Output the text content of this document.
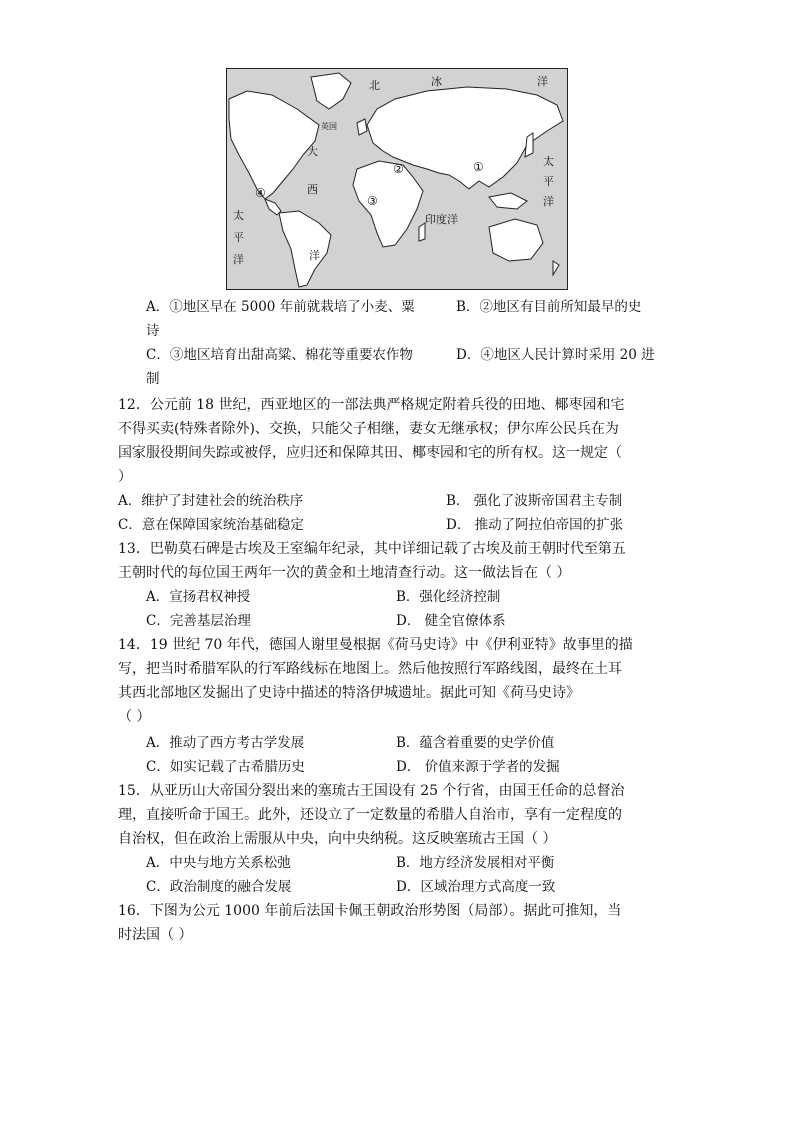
北	冰	洋
英国
大
西
洋
太
平
洋
太
平
洋
印度洋
①
②
③
④
A．①地区早在 5000 年前就栽培了小麦、粟	B．②地区有目前所知最早的史
诗
C．③地区培育出甜高粱、棉花等重要农作物	D．④地区人民计算时采用 20 进
制
12．公元前 18 世纪，西亚地区的一部法典严格规定附着兵役的田地、椰枣园和宅
不得买卖(特殊者除外)、交换，只能父子相继，妻女无继承权；伊尔库公民兵在为
国家服役期间失踪或被俘，应归还和保障其田、椰枣园和宅的所有权。这一规定（
）
A．维护了封建社会的统治秩序	B． 强化了波斯帝国君主专制
C．意在保障国家统治基础稳定	D． 推动了阿拉伯帝国的扩张
13．巴勒莫石碑是古埃及王室编年纪录，其中详细记载了古埃及前王朝时代至第五
王朝时代的每位国王两年一次的黄金和土地清查行动。这一做法旨在（ ）
A．宣扬君权神授	B．强化经济控制
C．完善基层治理	D． 健全官僚体系
14．19 世纪 70 年代，德国人谢里曼根据《荷马史诗》中《伊利亚特》故事里的描
写，把当时希腊军队的行军路线标在地图上。然后他按照行军路线图，最终在土耳
其西北部地区发掘出了史诗中描述的特洛伊城遗址。据此可知《荷马史诗》
（ ）
A．推动了西方考古学发展	B．蕴含着重要的史学价值
C．如实记载了古希腊历史	D． 价值来源于学者的发掘
15．从亚历山大帝国分裂出来的塞琉古王国设有 25 个行省，由国王任命的总督治
理，直接听命于国王。此外，还设立了一定数量的希腊人自治市，享有一定程度的
自治权，但在政治上需服从中央，向中央纳税。这反映塞琉古王国（ ）
A．中央与地方关系松弛	B．地方经济发展相对平衡
C．政治制度的融合发展	D．区域治理方式高度一致
16．下图为公元 1000 年前后法国卡佩王朝政治形势图（局部）。据此可推知，当
时法国（ ）
